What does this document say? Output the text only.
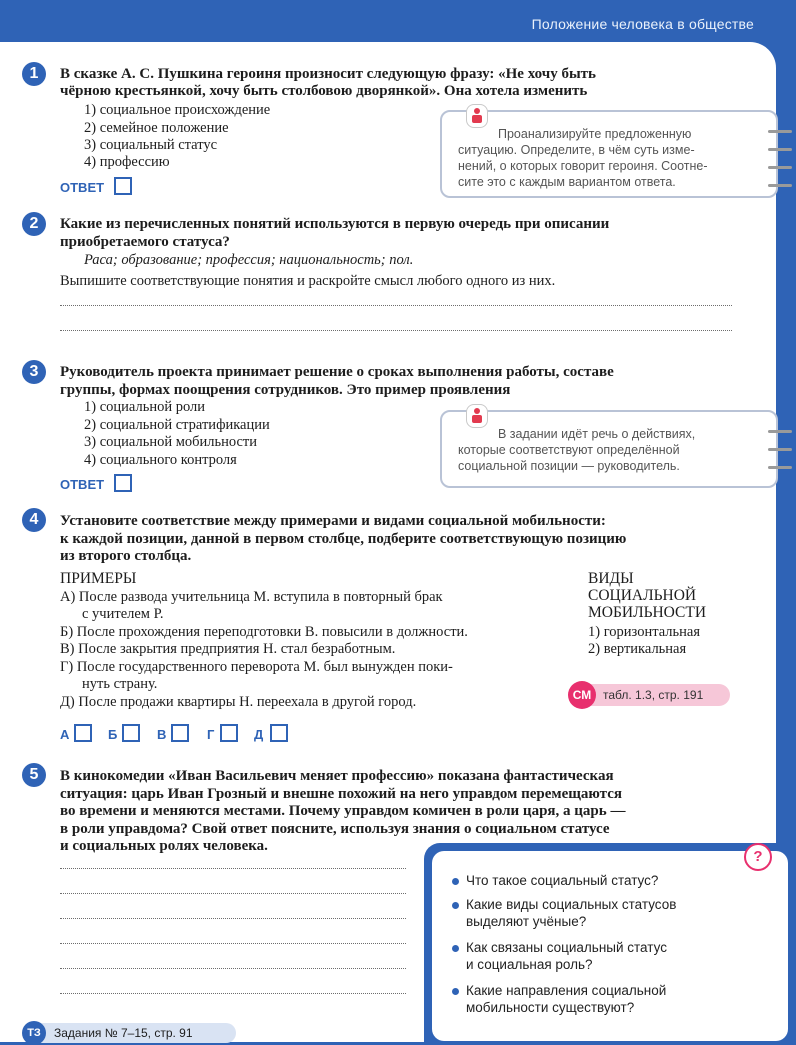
Положение человека в обществе
1	В сказке А. С. Пушкина героиня произносит следующую фразу: «Не хочу быть
чёрною крестьянкой, хочу быть столбовою дворянкой». Она хотела изменить
1) социальное происхождение
2) семейное положение
3) социальный статус
4) профессию
ОТВЕТ
Проанализируйте предложенную
ситуацию. Определите, в чём суть изме-
нений, о которых говорит героиня. Соотне-
сите это с каждым вариантом ответа.
2	Какие из перечисленных понятий используются в первую очередь при описании
приобретаемого статуса?
Раса; образование; профессия; национальность; пол.
Выпишите соответствующие понятия и раскройте смысл любого одного из них.
3	Руководитель проекта принимает решение о сроках выполнения работы, составе
группы, формах поощрения сотрудников. Это пример проявления
1) социальной роли
2) социальной стратификации
3) социальной мобильности
4) социального контроля
ОТВЕТ
В задании идёт речь о действиях,
которые соответствуют определённой
социальной позиции — руководитель.
4	Установите соответствие между примерами и видами социальной мобильности:
к каждой позиции, данной в первом столбце, подберите соответствующую позицию
из второго столбца.
ПРИМЕРЫ
А) После развода учительница М. вступила в повторный брак
с учителем Р.
Б) После прохождения переподготовки В. повысили в должности.
В) После закрытия предприятия Н. стал безработным.
Г) После государственного переворота М. был вынужден поки-
нуть страну.
Д) После продажи квартиры Н. переехала в другой город.
ВИДЫ
СОЦИАЛЬНОЙ
МОБИЛЬНОСТИ
1) горизонтальная
2) вертикальная
СМ табл. 1.3, стр. 191
А	Б	В	Г	Д
5	В кинокомедии «Иван Васильевич меняет профессию» показана фантастическая
ситуация: царь Иван Грозный и внешне похожий на него управдом перемещаются
во времени и меняются местами. Почему управдом комичен в роли царя, а царь —
в роли управдома? Свой ответ поясните, используя знания о социальном статусе
и социальных ролях человека.
?
Что такое социальный статус?
Какие виды социальных статусов
выделяют учёные?
Как связаны социальный статус
и социальная роль?
Какие направления социальной
мобильности существуют?
ТЗ	Задания № 7–15, стр. 91
